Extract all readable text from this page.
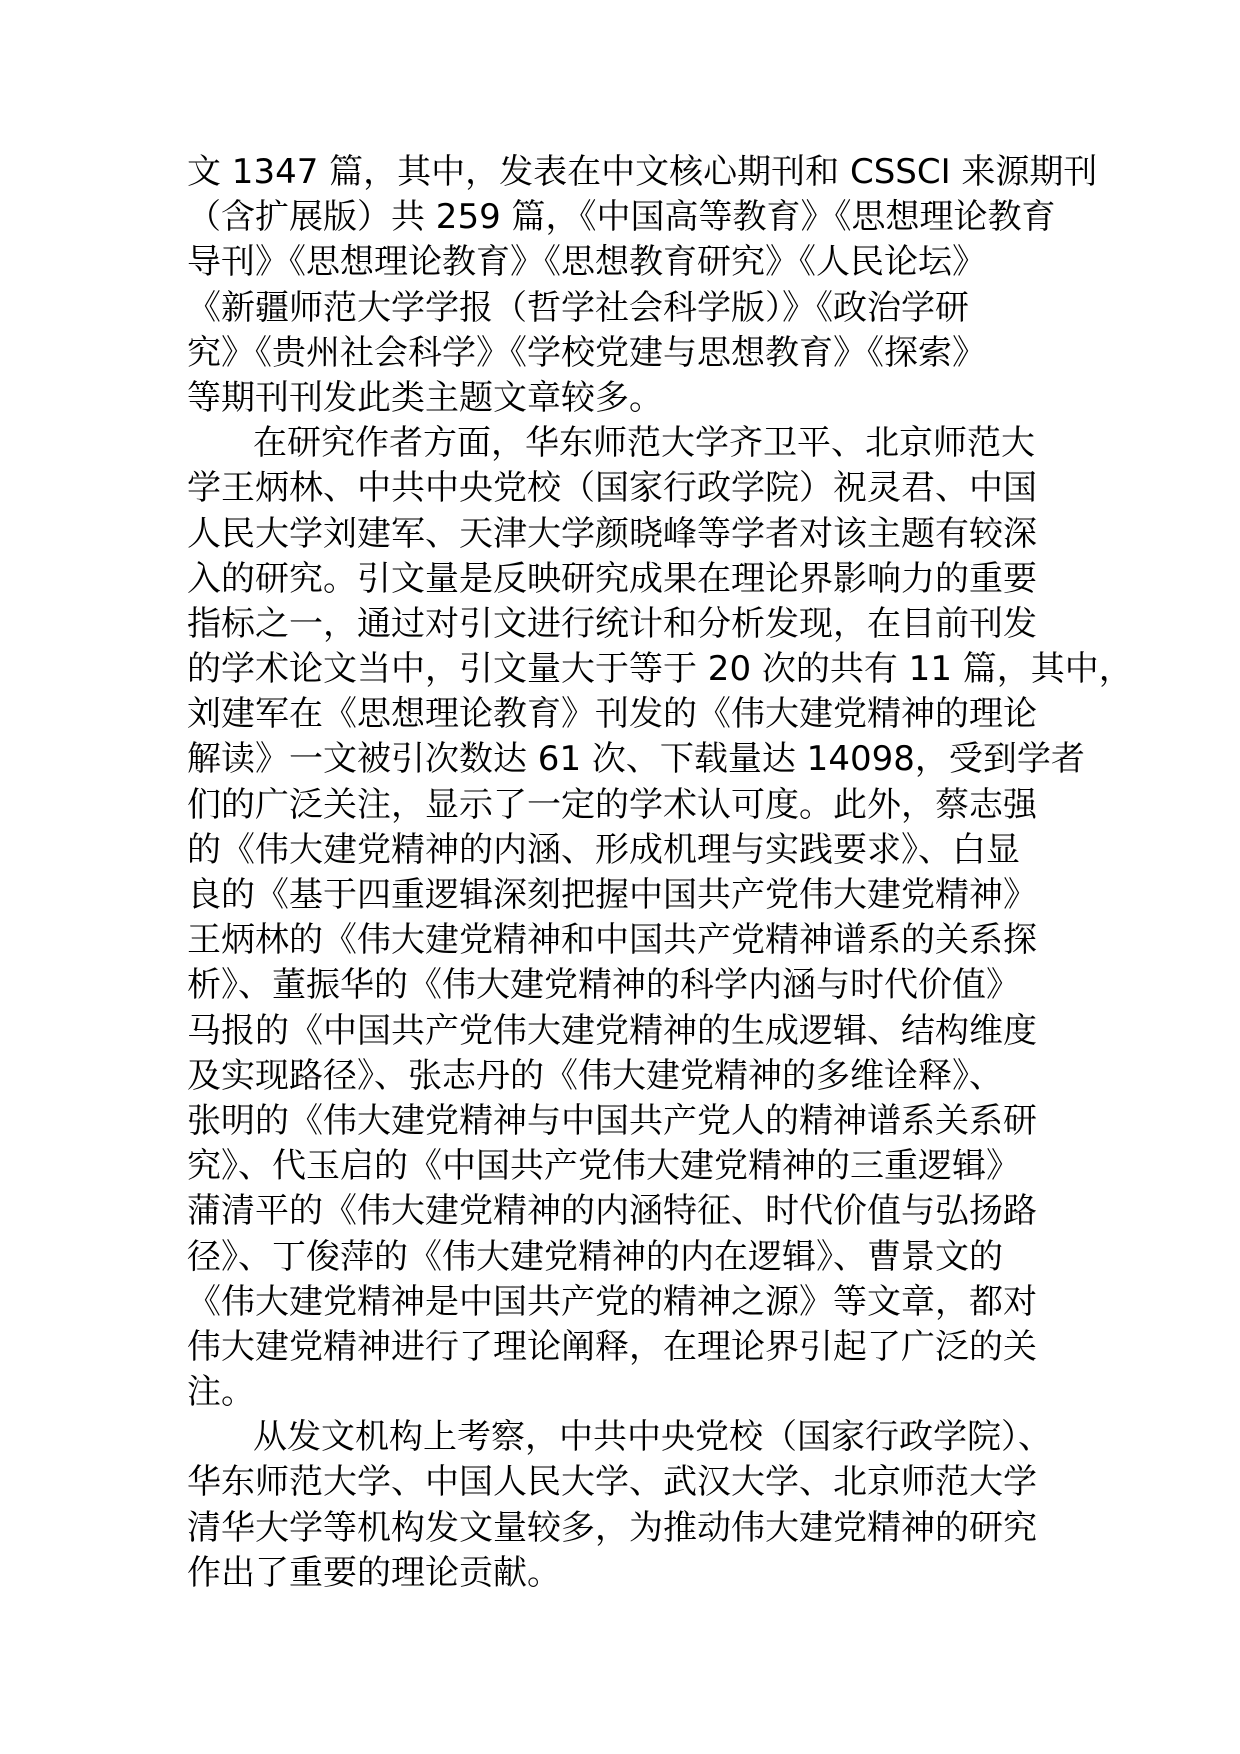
文 1347 篇，其中，发表在中文核心期刊和 CSSCI 来源期刊
（含扩展版）共 259 篇，《中国高等教育》《思想理论教育
导刊》《思想理论教育》《思想教育研究》《人民论坛》
《新疆师范大学学报（哲学社会科学版）》《政治学研
究》《贵州社会科学》《学校党建与思想教育》《探索》
等期刊刊发此类主题文章较多。
在研究作者方面，华东师范大学齐卫平、北京师范大
学王炳林、中共中央党校（国家行政学院）祝灵君、中国
人民大学刘建军、天津大学颜晓峰等学者对该主题有较深
入的研究。引文量是反映研究成果在理论界影响力的重要
指标之一，通过对引文进行统计和分析发现，在目前刊发
的学术论文当中，引文量大于等于 20 次的共有 11 篇，其中，
刘建军在《思想理论教育》刊发的《伟大建党精神的理论
解读》一文被引次数达 61 次、下载量达 14098，受到学者
们的广泛关注，显示了一定的学术认可度。此外，蔡志强
的《伟大建党精神的内涵、形成机理与实践要求》、白显
良的《基于四重逻辑深刻把握中国共产党伟大建党精神》
王炳林的《伟大建党精神和中国共产党精神谱系的关系探
析》、董振华的《伟大建党精神的科学内涵与时代价值》
马报的《中国共产党伟大建党精神的生成逻辑、结构维度
及实现路径》、张志丹的《伟大建党精神的多维诠释》、
张明的《伟大建党精神与中国共产党人的精神谱系关系研
究》、代玉启的《中国共产党伟大建党精神的三重逻辑》
蒲清平的《伟大建党精神的内涵特征、时代价值与弘扬路
径》、丁俊萍的《伟大建党精神的内在逻辑》、曹景文的
《伟大建党精神是中国共产党的精神之源》等文章，都对
伟大建党精神进行了理论阐释，在理论界引起了广泛的关
注。
从发文机构上考察，中共中央党校（国家行政学院）、
华东师范大学、中国人民大学、武汉大学、北京师范大学
清华大学等机构发文量较多，为推动伟大建党精神的研究
作出了重要的理论贡献。
